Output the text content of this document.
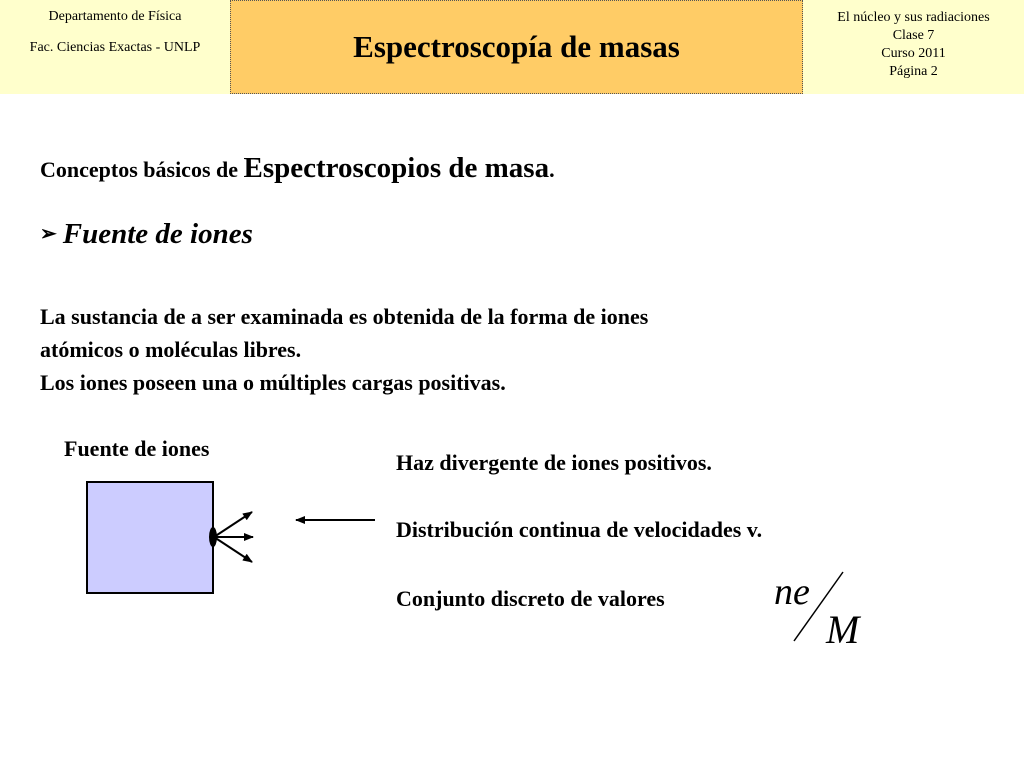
Departamento de Física
Fac. Ciencias Exactas - UNLP	Espectroscopía de masas
El núcleo y sus radiaciones
Clase 7
Curso 2011
Página 2
Conceptos básicos de Espectroscopios de masa.
➢ Fuente de iones
La sustancia de a ser examinada es obtenida de la forma de iones
atómicos o moléculas libres.
Los iones poseen una o múltiples cargas positivas.
Fuente de iones
Haz divergente de iones positivos.
Distribución continua de velocidades v.
Conjunto discreto de valores	ne
M
